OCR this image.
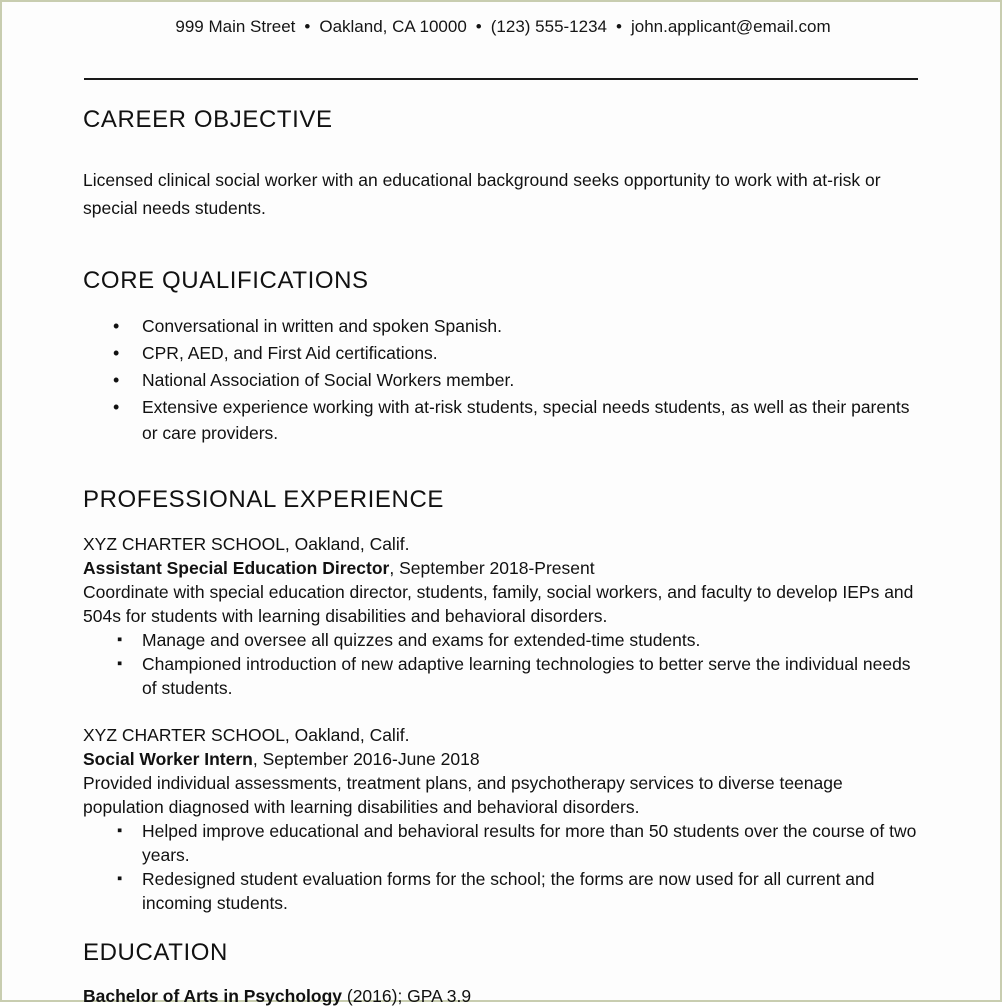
999 Main Street • Oakland, CA 10000 • (123) 555-1234 • john.applicant@email.com
CAREER OBJECTIVE
Licensed clinical social worker with an educational background seeks opportunity to work with at-risk or special needs students.
CORE QUALIFICATIONS
• Conversational in written and spoken Spanish.
• CPR, AED, and First Aid certifications.
• National Association of Social Workers member.
• Extensive experience working with at-risk students, special needs students, as well as their parents or care providers.
PROFESSIONAL EXPERIENCE
XYZ CHARTER SCHOOL, Oakland, Calif.
Assistant Special Education Director, September 2018-Present
Coordinate with special education director, students, family, social workers, and faculty to develop IEPs and 504s for students with learning disabilities and behavioral disorders.
▪ Manage and oversee all quizzes and exams for extended-time students.
▪ Championed introduction of new adaptive learning technologies to better serve the individual needs of students.
XYZ CHARTER SCHOOL, Oakland, Calif.
Social Worker Intern, September 2016-June 2018
Provided individual assessments, treatment plans, and psychotherapy services to diverse teenage population diagnosed with learning disabilities and behavioral disorders.
▪ Helped improve educational and behavioral results for more than 50 students over the course of two years.
▪ Redesigned student evaluation forms for the school; the forms are now used for all current and incoming students.
EDUCATION
Bachelor of Arts in Psychology (2016); GPA 3.9
